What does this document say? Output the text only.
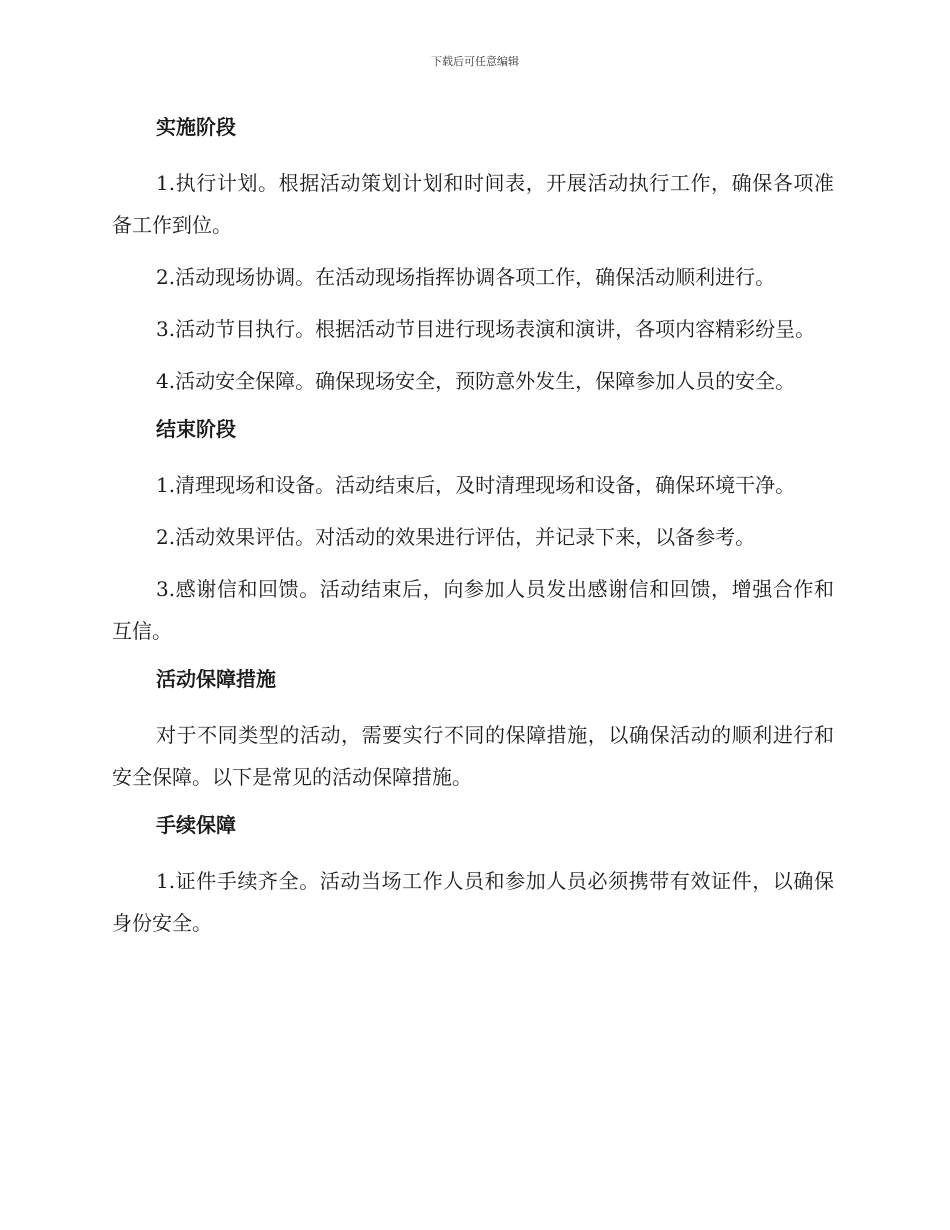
下载后可任意编辑
实施阶段

1.执行计划。根据活动策划计划和时间表，开展活动执行工作，确保各项准备工作到位。

2.活动现场协调。在活动现场指挥协调各项工作，确保活动顺利进行。

3.活动节目执行。根据活动节目进行现场表演和演讲，各项内容精彩纷呈。

4.活动安全保障。确保现场安全，预防意外发生，保障参加人员的安全。

结束阶段

1.清理现场和设备。活动结束后，及时清理现场和设备，确保环境干净。

2.活动效果评估。对活动的效果进行评估，并记录下来，以备参考。

3.感谢信和回馈。活动结束后，向参加人员发出感谢信和回馈，增强合作和互信。

活动保障措施

对于不同类型的活动，需要实行不同的保障措施，以确保活动的顺利进行和安全保障。以下是常见的活动保障措施。

手续保障

1.证件手续齐全。活动当场工作人员和参加人员必须携带有效证件，以确保身份安全。
